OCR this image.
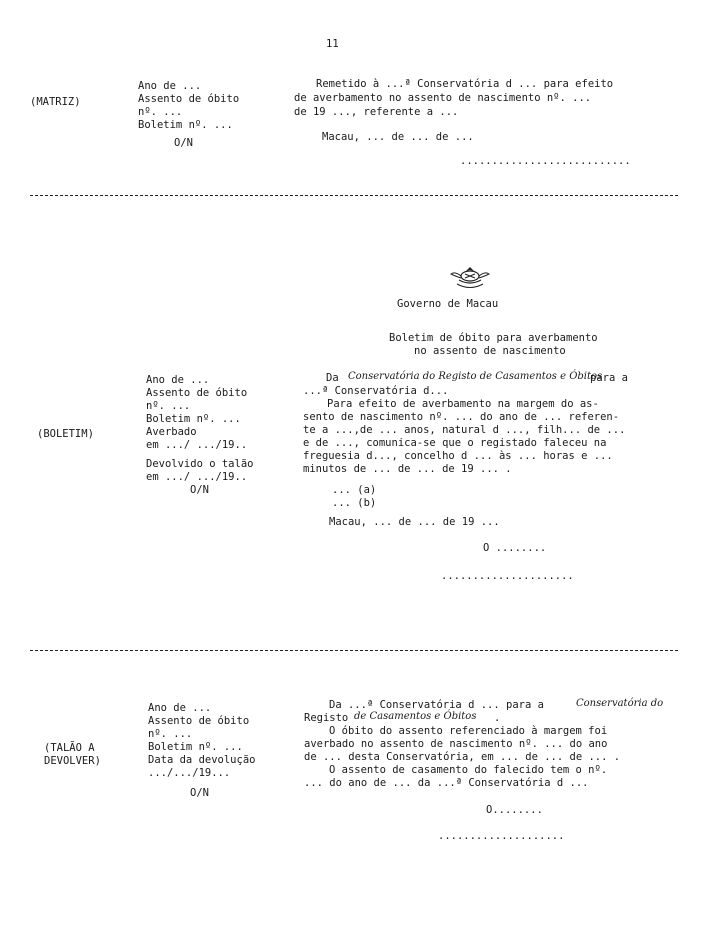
11
(MATRIZ)
Ano de ...
Assento de óbito
nº. ...
Boletim nº. ...
O/N
Remetido à ...ª Conservatória d ... para efeito
de averbamento no assento de nascimento nº. ...
de 19 ..., referente a ...
Macau, ... de ... de ...
...........................
Governo de Macau
Boletim de óbito para averbamento
no assento de nascimento
(BOLETIM)
Ano de ...
Assento de óbito
nº. ...
Boletim nº. ...
Averbado
em .../ .../19..
Devolvido o talão
em .../ .../19..
O/N
Da Conservatória do Registo de Casamentos e Óbitos
para a
...ª Conservatória d...
Para efeito de averbamento na margem do as-
sento de nascimento nº. ... do ano de ... referen-
te a ...,de ... anos, natural d ..., filh... de ...
e de ..., comunica-se que o registado faleceu na
freguesia d..., concelho d ... às ... horas e ...
minutos de ... de ... de 19 ... .
... (a)
... (b)
Macau, ... de ... de 19 ...
O ........
.....................
(TALÃO A
DEVOLVER)
Ano de ...
Assento de óbito
nº. ...
Boletim nº. ...
Data da devolução
.../.../19...
O/N
Da ...ª Conservatória d ... para a	Conservatória do
Registo de Casamentos e Óbitos .
O óbito do assento referenciado à margem foi
averbado no assento de nascimento nº. ... do ano
de ... desta Conservatória, em ... de ... de ... .
O assento de casamento do falecido tem o nº.
... do ano de ... da ...ª Conservatória d ...
O........
....................
